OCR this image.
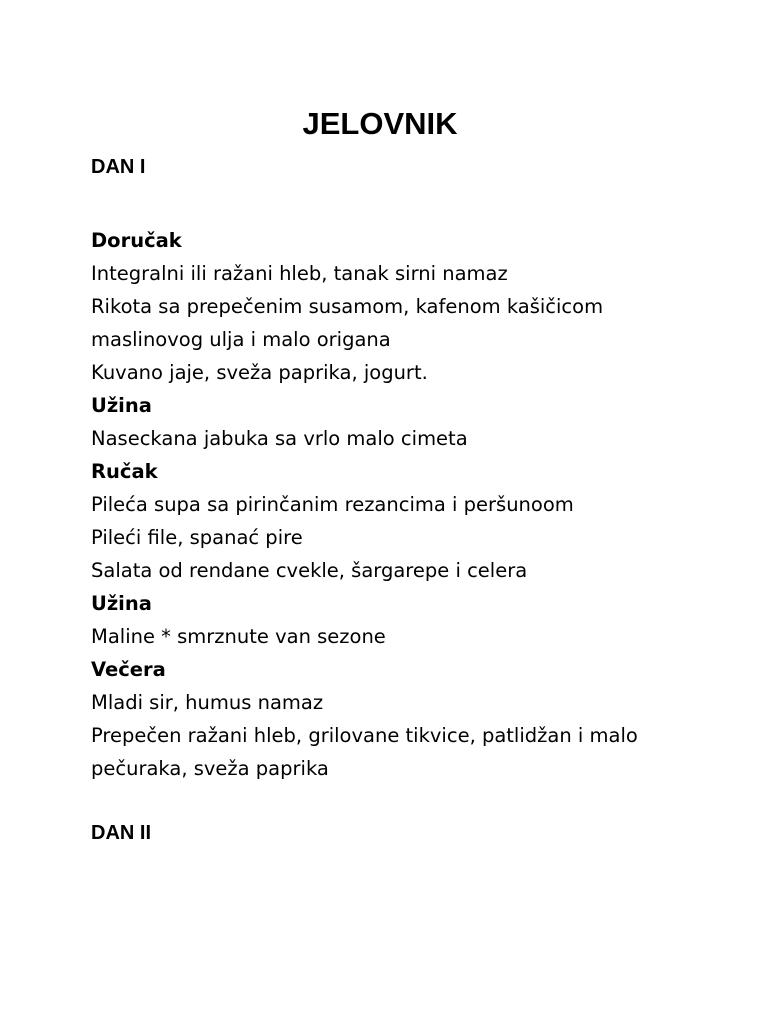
JELOVNIK
DAN I
Doručak
Integralni ili ražani hleb, tanak sirni namaz
Rikota sa prepečenim susamom, kafenom kašičicom
maslinovog ulja i malo origana
Kuvano jaje, sveža paprika, jogurt.
Užina
Naseckana jabuka sa vrlo malo cimeta
Ručak
Pileća supa sa pirinčanim rezancima i peršunoom
Pileći file, spanać pire
Salata od rendane cvekle, šargarepe i celera
Užina
Maline * smrznute van sezone
Večera
Mladi sir, humus namaz
Prepečen ražani hleb, grilovane tikvice, patlidžan i malo
pečuraka, sveža paprika
DAN II
